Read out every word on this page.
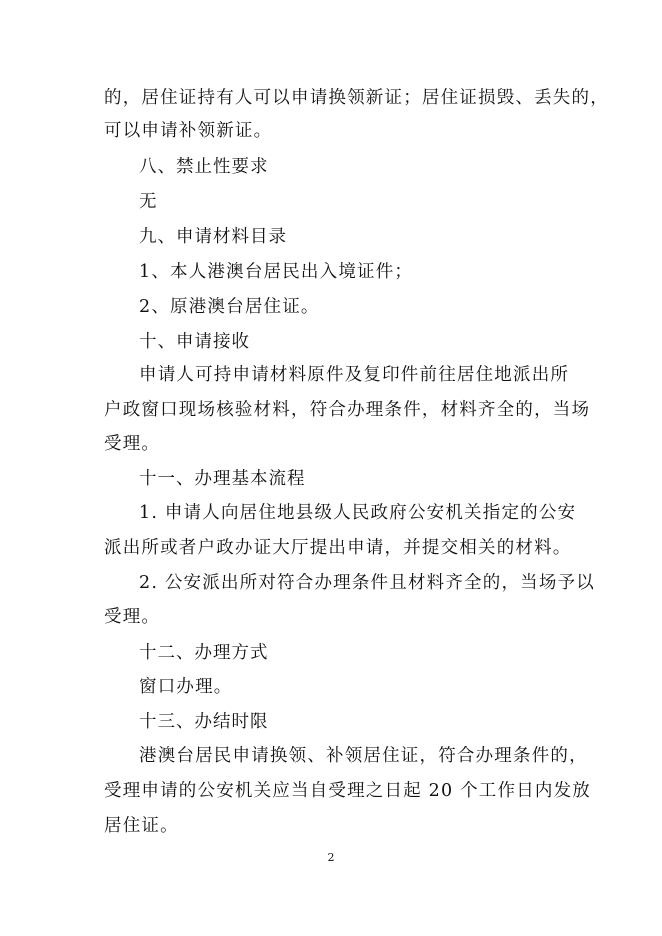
的，居住证持有人可以申请换领新证；居住证损毁、丢失的，
可以申请补领新证。
八、禁止性要求
无
九、申请材料目录
1、本人港澳台居民出入境证件；
2、原港澳台居住证。
十、申请接收
申请人可持申请材料原件及复印件前往居住地派出所
户政窗口现场核验材料，符合办理条件，材料齐全的，当场
受理。
十一、办理基本流程
1. 申请人向居住地县级人民政府公安机关指定的公安
派出所或者户政办证大厅提出申请，并提交相关的材料。
2. 公安派出所对符合办理条件且材料齐全的，当场予以
受理。
十二、办理方式
窗口办理。
十三、办结时限
港澳台居民申请换领、补领居住证，符合办理条件的，
受理申请的公安机关应当自受理之日起 20 个工作日内发放
居住证。
2
